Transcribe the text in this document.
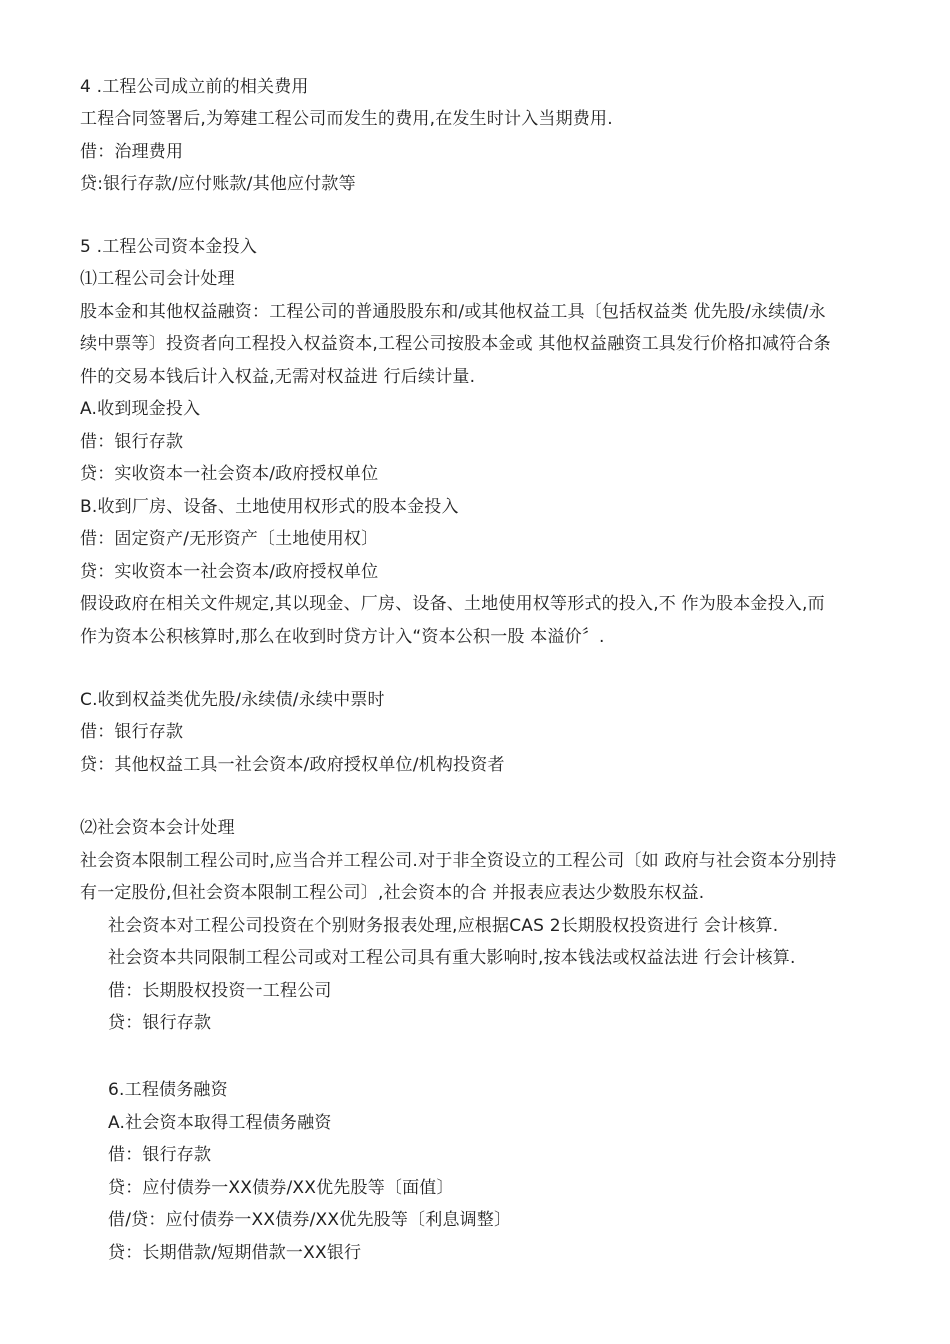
4 .工程公司成立前的相关费用
工程合同签署后,为筹建工程公司而发生的费用,在发生时计入当期费用.
借：治理费用
贷:银行存款/应付账款/其他应付款等
5 .工程公司资本金投入
⑴工程公司会计处理
股本金和其他权益融资：工程公司的普通股股东和/或其他权益工具〔包括权益类 优先股/永续债/永
续中票等〕投资者向工程投入权益资本,工程公司按股本金或 其他权益融资工具发行价格扣减符合条
件的交易本钱后计入权益,无需对权益进 行后续计量.
A.收到现金投入
借：银行存款
贷：实收资本一社会资本/政府授权单位
B.收到厂房、设备、土地使用权形式的股本金投入
借：固定资产/无形资产〔土地使用权〕
贷：实收资本一社会资本/政府授权单位
假设政府在相关文件规定,其以现金、厂房、设备、土地使用权等形式的投入,不 作为股本金投入,而
作为资本公积核算时,那么在收到时贷方计入“资本公积一股 本溢价〞.
C.收到权益类优先股/永续债/永续中票时
借：银行存款
贷：其他权益工具一社会资本/政府授权单位/机构投资者
⑵社会资本会计处理
社会资本限制工程公司时,应当合并工程公司.对于非全资设立的工程公司〔如 政府与社会资本分别持
有一定股份,但社会资本限制工程公司〕,社会资本的合 并报表应表达少数股东权益.
社会资本对工程公司投资在个别财务报表处理,应根据CAS 2长期股权投资进行 会计核算.
社会资本共同限制工程公司或对工程公司具有重大影响时,按本钱法或权益法进 行会计核算.
借：长期股权投资一工程公司
贷：银行存款
6.工程债务融资
A.社会资本取得工程债务融资
借：银行存款
贷：应付债券一XX债券/XX优先股等〔面值〕
借/贷：应付债券一XX债券/XX优先股等〔利息调整〕
贷：长期借款/短期借款一XX银行
